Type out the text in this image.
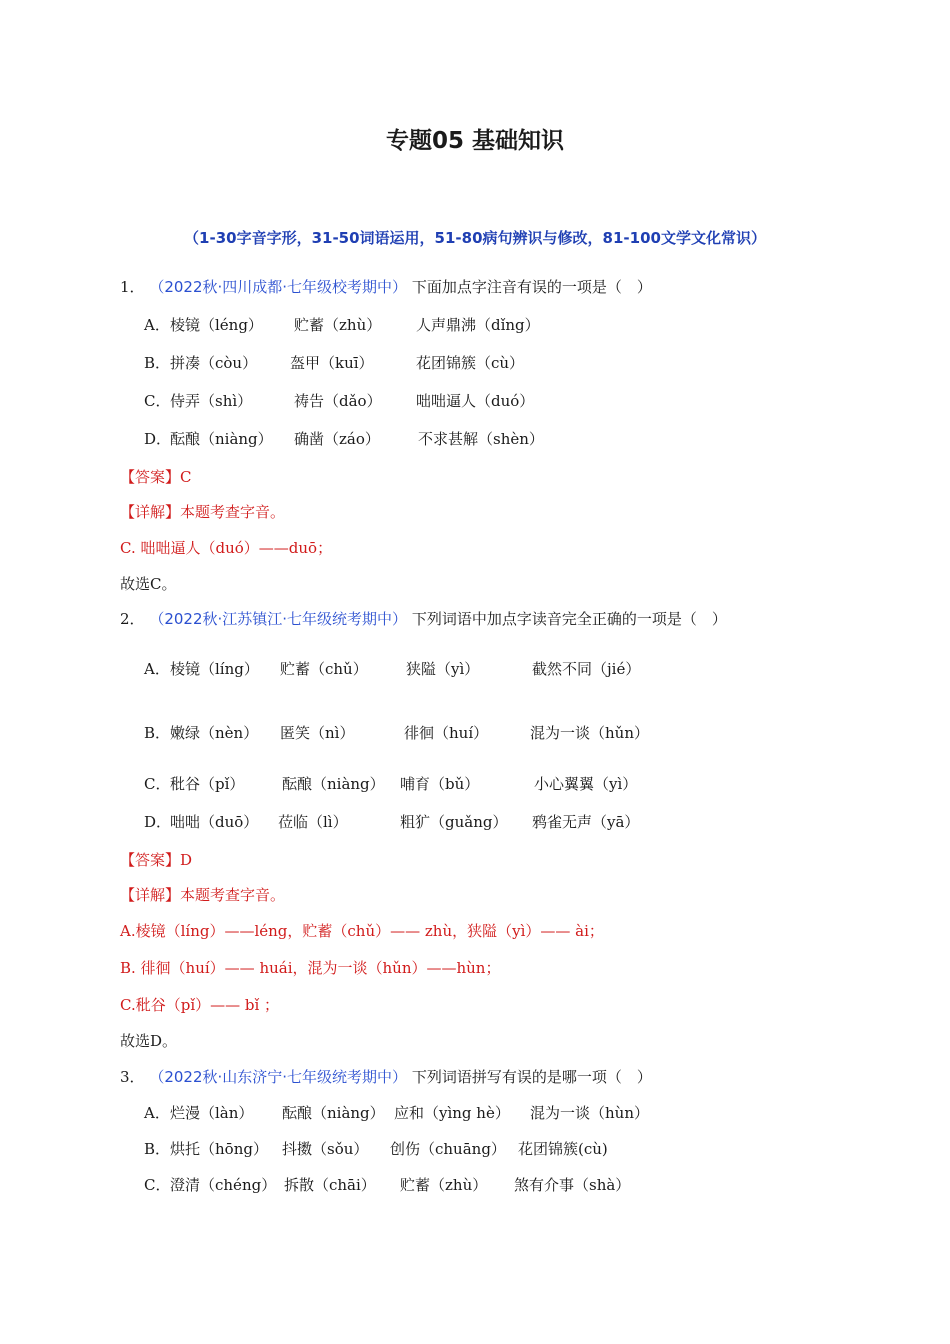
专题05 基础知识
（1-30字音字形，31-50词语运用，51-80病句辨识与修改，81-100文学文化常识）
1． （2022秋·四川成都·七年级校考期中） 下面加点字注音有误的一项是（　）
A． 棱镜（léng） 贮蓄（zhù） 人声鼎沸（dǐng）
B． 拼凑（còu） 盔甲（kuī）	花团锦簇（cù）
C． 侍弄（shì）	祷告（dǎo） 咄咄逼人（duó）
D．
酝酿（niàng） 确凿（záo）	不求甚解（shèn）
【答案】C
【详解】本题考查字音。
C. 咄咄逼人（duó）——duō；
故选C。
2． （2022秋·江苏镇江·七年级统考期中） 下列词语中加点字读音完全正确的一项是（　）
A． 棱镜（líng） 贮蓄（chǔ）	狭隘（yì）	截然不同（jié）
B． 嫩绿（nèn） 匿笑（nì）	徘徊（huí）	混为一谈（hǔn）
C． 秕谷（pǐ）	酝酿（niàng） 哺育（bǔ）	小心翼翼（yì）
D．
咄咄（duō） 莅临（lì）	粗犷（guǎng） 鸦雀无声（yā）
【答案】D
【详解】本题考查字音。
A.棱镜（líng）——léng，贮蓄（chǔ）—— zhù，狭隘（yì）—— ài；
B. 徘徊（huí）—— huái，混为一谈（hǔn）——hùn；
C.秕谷（pǐ）—— bǐ ；
故选D。
3． （2022秋·山东济宁·七年级统考期中） 下列词语拼写有误的是哪一项（　）
A． 烂漫（làn） 酝酿（niàng） 应和（yìng hè） 混为一谈（hùn）
B． 烘托（hōng） 抖擞（sǒu） 创伤（chuāng） 花团锦簇(cù)
C． 澄清（chéng） 拆散（chāi） 贮蓄（zhù） 煞有介事（shà）
